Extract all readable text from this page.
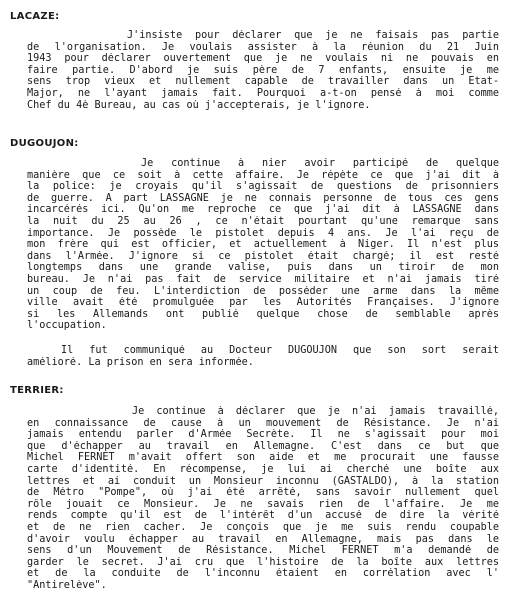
LACAZE:
J'insiste pour déclarer que je ne faisais pas partie
de l'organisation. Je voulais assister à la réunion du 21 Juin
1943 pour déclarer ouvertement que je ne voulais ni ne pouvais en
faire partie. D'abord je suis père de 7 enfants, ensuite je me
sens trop vieux et nullement capable de travailler dans un Etat-
Major, ne l'ayant jamais fait. Pourquoi a-t-on pensé à moi comme
Chef du 4è Bureau, au cas où j'accepterais, je l'ignore.
DUGOUJON:
Je continue à nier avoir participé de quelque
manière que ce soit à cette affaire. Je répète ce que j'ai dit à
la police: je croyais qu'il s'agissait de questions de prisonniers
de guerre. A part LASSAGNE je ne connais personne de tous ces gens
incarcérés ici. Qu'on me reproche ce que j'ai dit à LASSAGNE dans
la nuit du 25 au 26 , ce n'était pourtant qu'une remarque sans
importance. Je possède le pistolet depuis 4 ans. Je l'ai reçu de
mon frère qui est officier, et actuellement à Niger. Il n'est plus
dans l'Armée. J'ignore si ce pistolet était chargé; il est resté
longtemps dans une grande valise, puis dans un tiroir de mon
bureau. Je n'ai pas fait de service militaire et n'ai jamais tiré
un coup de feu. L'interdiction de posséder une arme dans la même
ville avait été promulguée par les Autorités Françaises. J'ignore
si les Allemands ont publié quelque chose de semblable après
l'occupation.
Il fut communiqué au Docteur DUGOUJON que son sort serait
amélioré. La prison en sera informée.
TERRIER:
Je continue à déclarer que je n'ai jamais travaillé,
en connaissance de cause à un mouvement de Résistance. Je n'ai
jamais entendu parler d'Armée Secrète. Il ne s'agissait pour moi
que d'échapper au travail en Allemagne. C'est dans ce but que
Michel FERNET m'avait offert son aide et me procurait une fausse
carte d'identité. En récompense, je lui ai cherché une boîte aux
lettres et ai conduit un Monsieur inconnu (GASTALDO), à la station
de Métro "Pompe", où j'ai été arrêté, sans savoir nullement quel
rôle jouait ce Monsieur. Je ne savais rien de l'affaire. Je me
rends compte qu'il est de l'intérêt d'un accusé de dire la vérité
et de ne rien cacher. Je conçois que je me suis rendu coupable
d'avoir voulu échapper au travail en Allemagne, mais pas dans le
sens d'un Mouvement de Résistance. Michel FERNET m'a demandé de
garder le secret. J'ai cru que l'histoire de la boîte aux lettres
et de la conduite de l'inconnu étaient en corrélation avec l'
"Antirelève".
